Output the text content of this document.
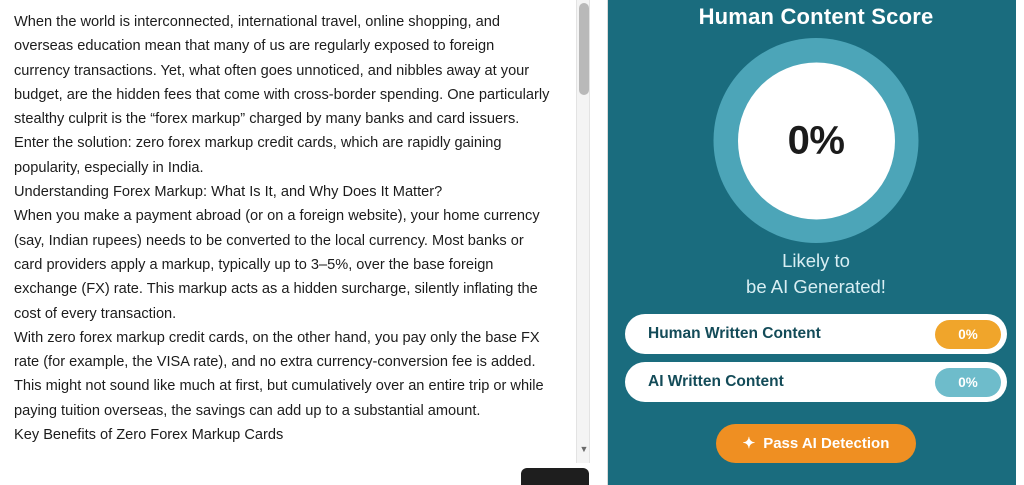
When the world is interconnected, international travel, online shopping, and overseas education mean that many of us are regularly exposed to foreign currency transactions. Yet, what often goes unnoticed, and nibbles away at your budget, are the hidden fees that come with cross-border spending. One particularly stealthy culprit is the “forex markup” charged by many banks and card issuers. Enter the solution: zero forex markup credit cards, which are rapidly gaining popularity, especially in India.

Understanding Forex Markup: What Is It, and Why Does It Matter?

When you make a payment abroad (or on a foreign website), your home currency (say, Indian rupees) needs to be converted to the local currency. Most banks or card providers apply a markup, typically up to 3–5%, over the base foreign exchange (FX) rate. This markup acts as a hidden surcharge, silently inflating the cost of every transaction.

With zero forex markup credit cards, on the other hand, you pay only the base FX rate (for example, the VISA rate), and no extra currency-conversion fee is added. This might not sound like much at first, but cumulatively over an entire trip or while paying tuition overseas, the savings can add up to a substantial amount.

Key Benefits of Zero Forex Markup Cards

▼
Human Content Score
0%
Likely to
be AI Generated!
Human Written Content	0%
AI Written Content	0%
✦ Pass AI Detection
